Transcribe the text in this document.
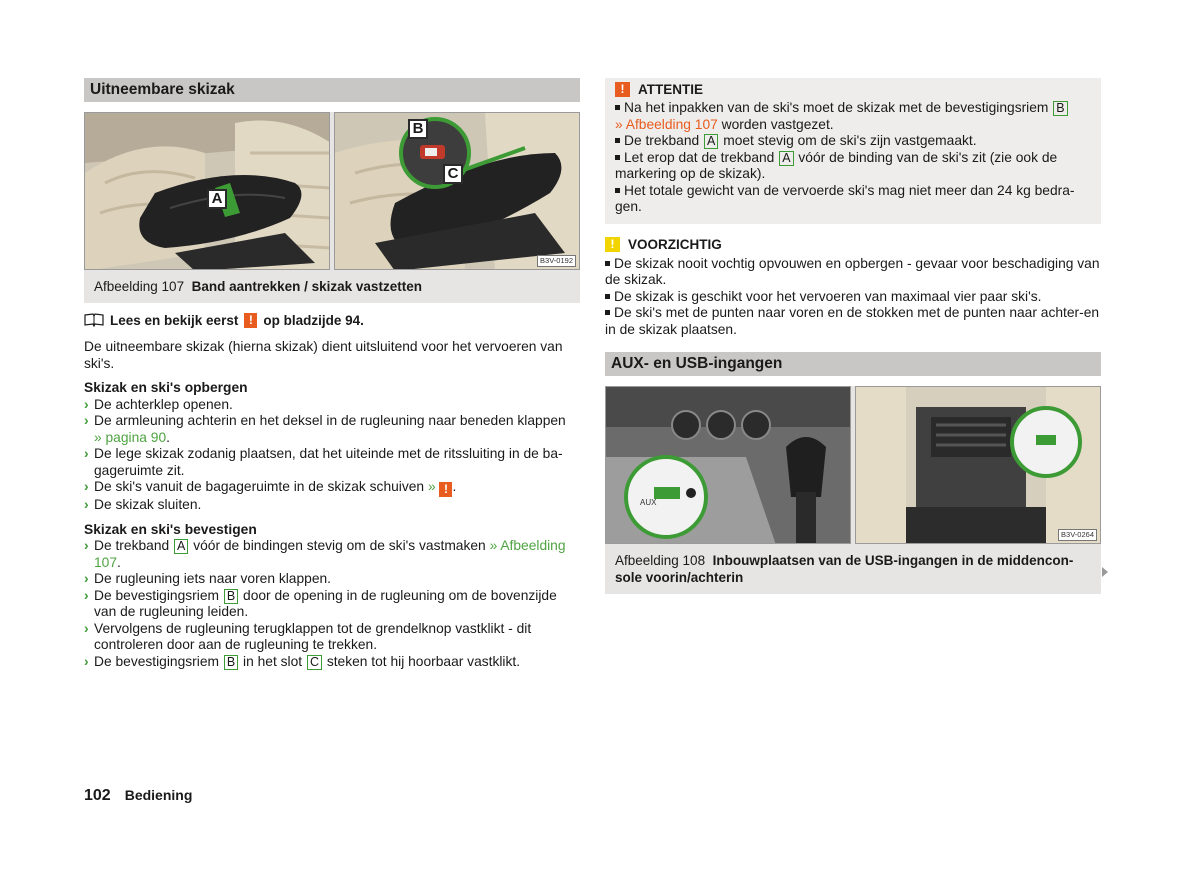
Uitneembare skizak
A
B
C
B3V-0192
Afbeelding 107 Band aantrekken / skizak vastzetten
Lees en bekijk eerst ! op bladzijde 94.

De uitneembare skizak (hierna skizak) dient uitsluitend voor het vervoeren van ski's.

Skizak en ski's opbergen
› De achterklep openen.
› De armleuning achterin en het deksel in de rugleuning naar beneden klappen
» pagina 90.
› De lege skizak zodanig plaatsen, dat het uiteinde met de ritssluiting in de ba-gageruimte zit.
› De ski's vanuit de bagageruimte in de skizak schuiven » ! .
› De skizak sluiten.
Skizak en ski's bevestigen
› De trekband A vóór de bindingen stevig om de ski's vastmaken » Afbeelding 107.
› De rugleuning iets naar voren klappen.
› De bevestigingsriem B door de opening in de rugleuning om de bovenzijde van de rugleuning leiden.
› Vervolgens de rugleuning terugklappen tot de grendelknop vastklikt - dit controleren door aan de rugleuning te trekken.
› De bevestigingsriem B in het slot C steken tot hij hoorbaar vastklikt.
!	ATTENTIE
Na het inpakken van de ski's moet de skizak met de bevestigingsriem B
» Afbeelding 107 worden vastgezet.
De trekband A moet stevig om de ski's zijn vastgemaakt.
Let erop dat de trekband A vóór de binding van de ski's zit (zie ook de markering op de skizak).
Het totale gewicht van de vervoerde ski's mag niet meer dan 24 kg bedra-gen.
!	VOORZICHTIG
De skizak nooit vochtig opvouwen en opbergen - gevaar voor beschadiging van de skizak.
De skizak is geschikt voor het vervoeren van maximaal vier paar ski's.
De ski's met de punten naar voren en de stokken met de punten naar achter-en in de skizak plaatsen.
AUX- en USB-ingangen
AUX
B3V-0264
Afbeelding 108 Inbouwplaatsen van de USB-ingangen in de middencon-sole voorin/achterin
102 Bediening
